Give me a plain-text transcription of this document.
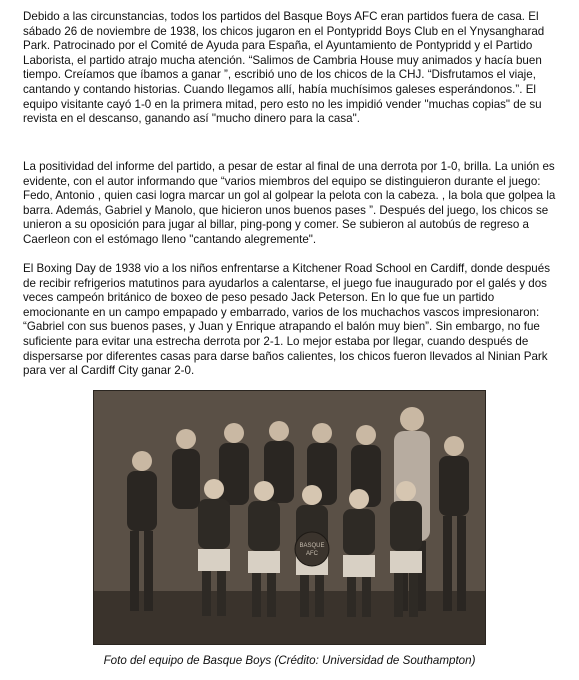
Debido a las circunstancias, todos los partidos del Basque Boys AFC eran partidos fuera de casa. El sábado 26 de noviembre de 1938, los chicos jugaron en el Pontypridd Boys Club en el Ynysangharad Park. Patrocinado por el Comité de Ayuda para España, el Ayuntamiento de Pontypridd y el Partido Laborista, el partido atrajo mucha atención. “Salimos de Cambria House muy animados y hacía buen tiempo. Creíamos que íbamos a ganar ”, escribió uno de los chicos de la CHJ. “Disfrutamos el viaje, cantando y contando historias. Cuando llegamos allí, había muchísimos galeses esperándonos.”. El equipo visitante cayó 1-0 en la primera mitad, pero esto no les impidió vender "muchas copias" de su revista en el descanso, ganando así "mucho dinero para la casa".

La positividad del informe del partido, a pesar de estar al final de una derrota por 1-0, brilla. La unión es evidente, con el autor informando que “varios miembros del equipo se distinguieron durante el juego: Fedo, Antonio , quien casi logra marcar un gol al golpear la pelota con la cabeza. , la bola que golpea la barra. Además, Gabriel y Manolo, que hicieron unos buenos pases ”. Después del juego, los chicos se unieron a su oposición para jugar al billar, ping-pong y comer. Se subieron al autobús de regreso a Caerleon con el estómago lleno "cantando alegremente".

El Boxing Day de 1938 vio a los niños enfrentarse a Kitchener Road School en Cardiff, donde después de recibir refrigerios matutinos para ayudarlos a calentarse, el juego fue inaugurado por el galés y dos veces campeón británico de boxeo de peso pesado Jack Peterson. En lo que fue un partido emocionante en un campo empapado y embarrado, varios de los muchachos vascos impresionaron: “Gabriel con sus buenos pases, y Juan y Enrique atrapando el balón muy bien”. Sin embargo, no fue suficiente para evitar una estrecha derrota por 2-1. Lo mejor estaba por llegar, cuando después de dispersarse por diferentes casas para darse baños calientes, los chicos fueron llevados al Ninian Park para ver al Cardiff City ganar 2-0.

BASQUE
AFC

Foto del equipo de Basque Boys (Crédito: Universidad de Southampton)
